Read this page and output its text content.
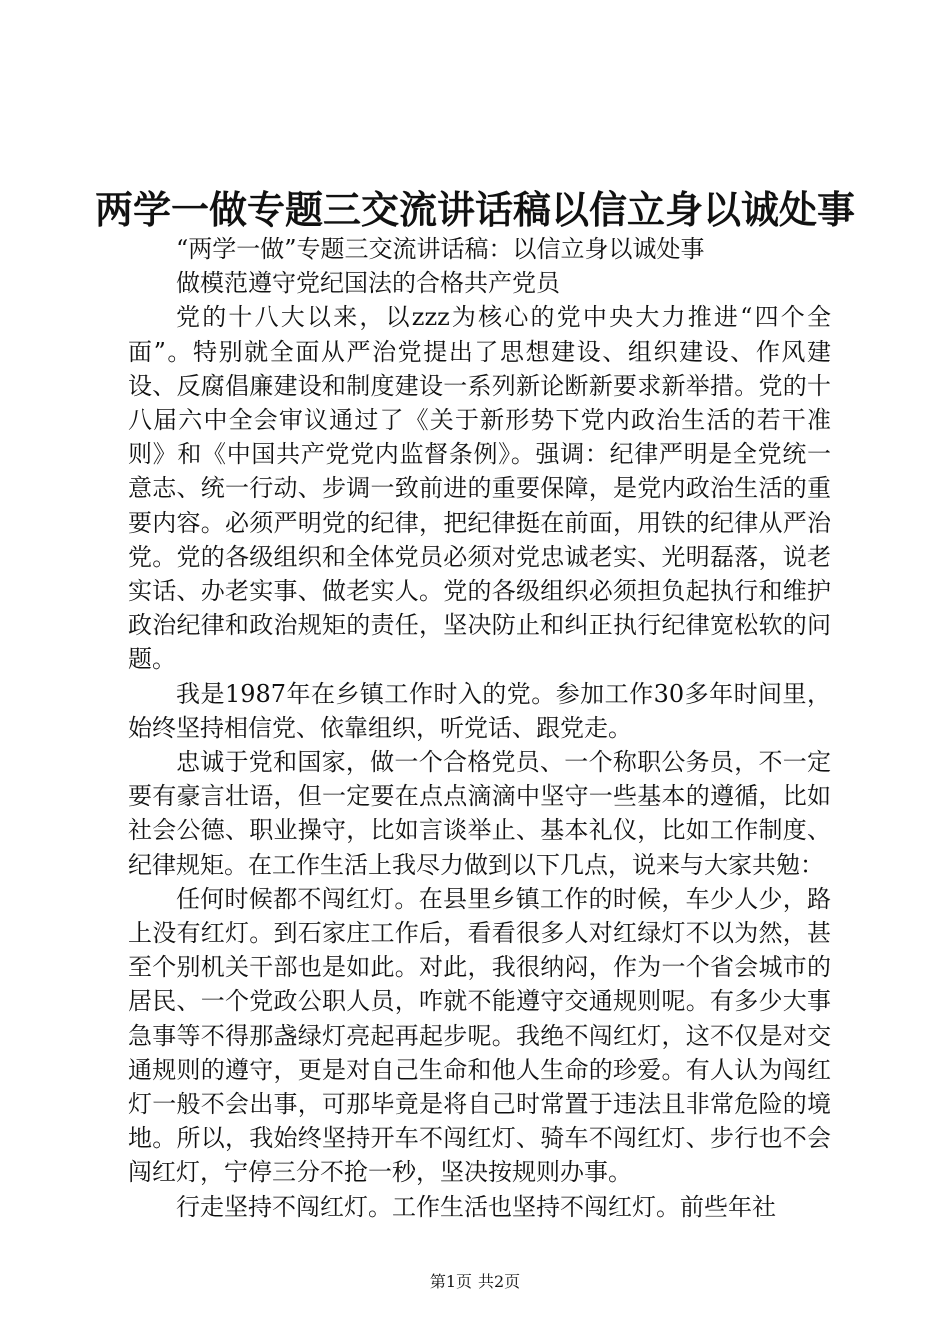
两学一做专题三交流讲话稿以信立身以诚处事

“两学一做”专题三交流讲话稿：以信立身以诚处事

做模范遵守党纪国法的合格共产党员

党的十八大以来，以zzz为核心的党中央大力推进“四个全面”。特别就全面从严治党提出了思想建设、组织建设、作风建设、反腐倡廉建设和制度建设一系列新论断新要求新举措。党的十八届六中全会审议通过了《关于新形势下党内政治生活的若干准则》和《中国共产党党内监督条例》。强调：纪律严明是全党统一意志、统一行动、步调一致前进的重要保障，是党内政治生活的重要内容。必须严明党的纪律，把纪律挺在前面，用铁的纪律从严治党。党的各级组织和全体党员必须对党忠诚老实、光明磊落，说老实话、办老实事、做老实人。党的各级组织必须担负起执行和维护政治纪律和政治规矩的责任，坚决防止和纠正执行纪律宽松软的问题。

我是1987年在乡镇工作时入的党。参加工作30多年时间里，始终坚持相信党、依靠组织，听党话、跟党走。

忠诚于党和国家，做一个合格党员、一个称职公务员，不一定要有豪言壮语，但一定要在点点滴滴中坚守一些基本的遵循，比如社会公德、职业操守，比如言谈举止、基本礼仪，比如工作制度、纪律规矩。在工作生活上我尽力做到以下几点，说来与大家共勉：

任何时候都不闯红灯。在县里乡镇工作的时候，车少人少，路上没有红灯。到石家庄工作后，看看很多人对红绿灯不以为然，甚至个别机关干部也是如此。对此，我很纳闷，作为一个省会城市的居民、一个党政公职人员，咋就不能遵守交通规则呢。有多少大事急事等不得那盏绿灯亮起再起步呢。我绝不闯红灯，这不仅是对交通规则的遵守，更是对自己生命和他人生命的珍爱。有人认为闯红灯一般不会出事，可那毕竟是将自己时常置于违法且非常危险的境地。所以，我始终坚持开车不闯红灯、骑车不闯红灯、步行也不会闯红灯，宁停三分不抢一秒，坚决按规则办事。

行走坚持不闯红灯。工作生活也坚持不闯红灯。前些年社

第1页 共2页
